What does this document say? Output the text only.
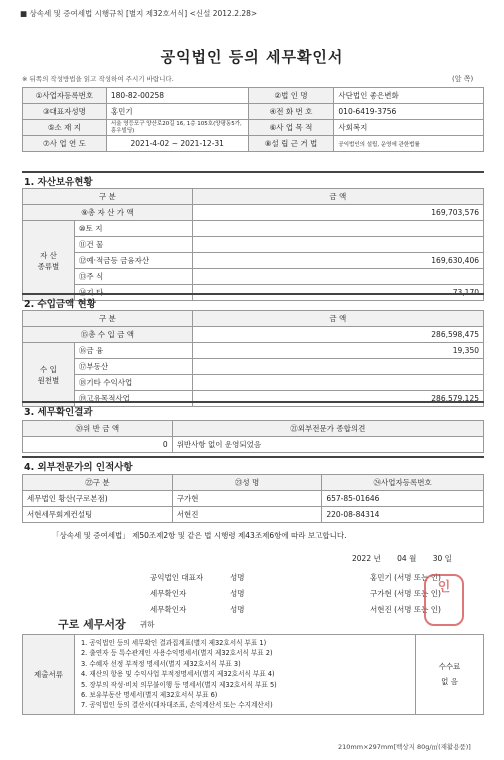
■ 상속세 및 증여세법 시행규칙 [별지 제32호서식] <신설 2012.2.28>
공익법인 등의 세무확인서
※ 뒤쪽의 작성방법을 읽고 작성하여 주시기 바랍니다.	(앞 쪽)
①사업자등록번호	180-82-00258	②법 인 명	사단법인 좋은변화
③대표자성명	홍민기	④전 화 번 호	010-6419-3756
⑤소 재 지	서울 영등포구 양산로20길 16, 1층 105호(양평동5가, 흥우빌딩)	⑥사 업 목 적	사회복지
⑦사 업 연 도	2021-4-02 ~ 2021-12-31	⑧설 립 근 거 법	공익법인의 설립, 운영에 관한법률
1. 자산보유현황
구 분		금 액
⑨총 자 산 가 액		169,703,576
자 산
종류별	⑩토 지	
	⑪건 물	
	⑫예·적금등 금융자산	169,630,406
	⑬주 식	
	⑭기 타	73,170
2. 수입금액 현황
구 분		금 액
⑮총 수 입 금 액		286,598,475
수 입
원천별	⑯금 융	19,350
	⑰부동산	
	⑱기타 수익사업	
	⑲고유목적사업	286,579,125
3. 세무확인결과
⑳위 반 금 액	㉑외부전문가 종합의견
0	위반사항 없이 운영되었음
4. 외부전문가의 인적사항
㉒구 분	㉓성 명	㉔사업자등록번호
세무법인 황산(구로본점)	구가현	657-85-01646
서현세무회계컨설팅	서현진	220-08-84314
「상속세 및 증여세법」 제50조제2항 및 같은 법 시행령 제43조제6항에 따라 보고합니다.
2022 년 04 월 30 일
공익법인 대표자	성명	홍민기 (서명 또는 인)
세무확인자	성명	구가현 (서명 또는 인)
세무확인자	성명	서현진 (서명 또는 인)
인
구로 세무서장 귀하
제출서류	
1. 공익법인 등의 세무확인 결과집계표(별지 제32호서식 부표 1)
2. 출연자 등 특수관계인 사용수익명세서(별지 제32호서식 부표 2)
3. 수혜자 선정 부적정 명세서(별지 제32호서식 부표 3)
4. 재산의 항용 및 수익사업 부적정명세서(별지 제32호서식 부표 4)
5. 장부의 작성·비치 의무불이행 등 명세서(별지 제32호서식 부표 5)
6. 보유부동산 명세서(별지 제32호서식 부표 6)
7. 공익법인 등의 결산서(대차대조표, 손익계산서 또는 수지계산서)

수수료
없 음
210mm×297mm[백상지 80g/㎡(재활용품)]
